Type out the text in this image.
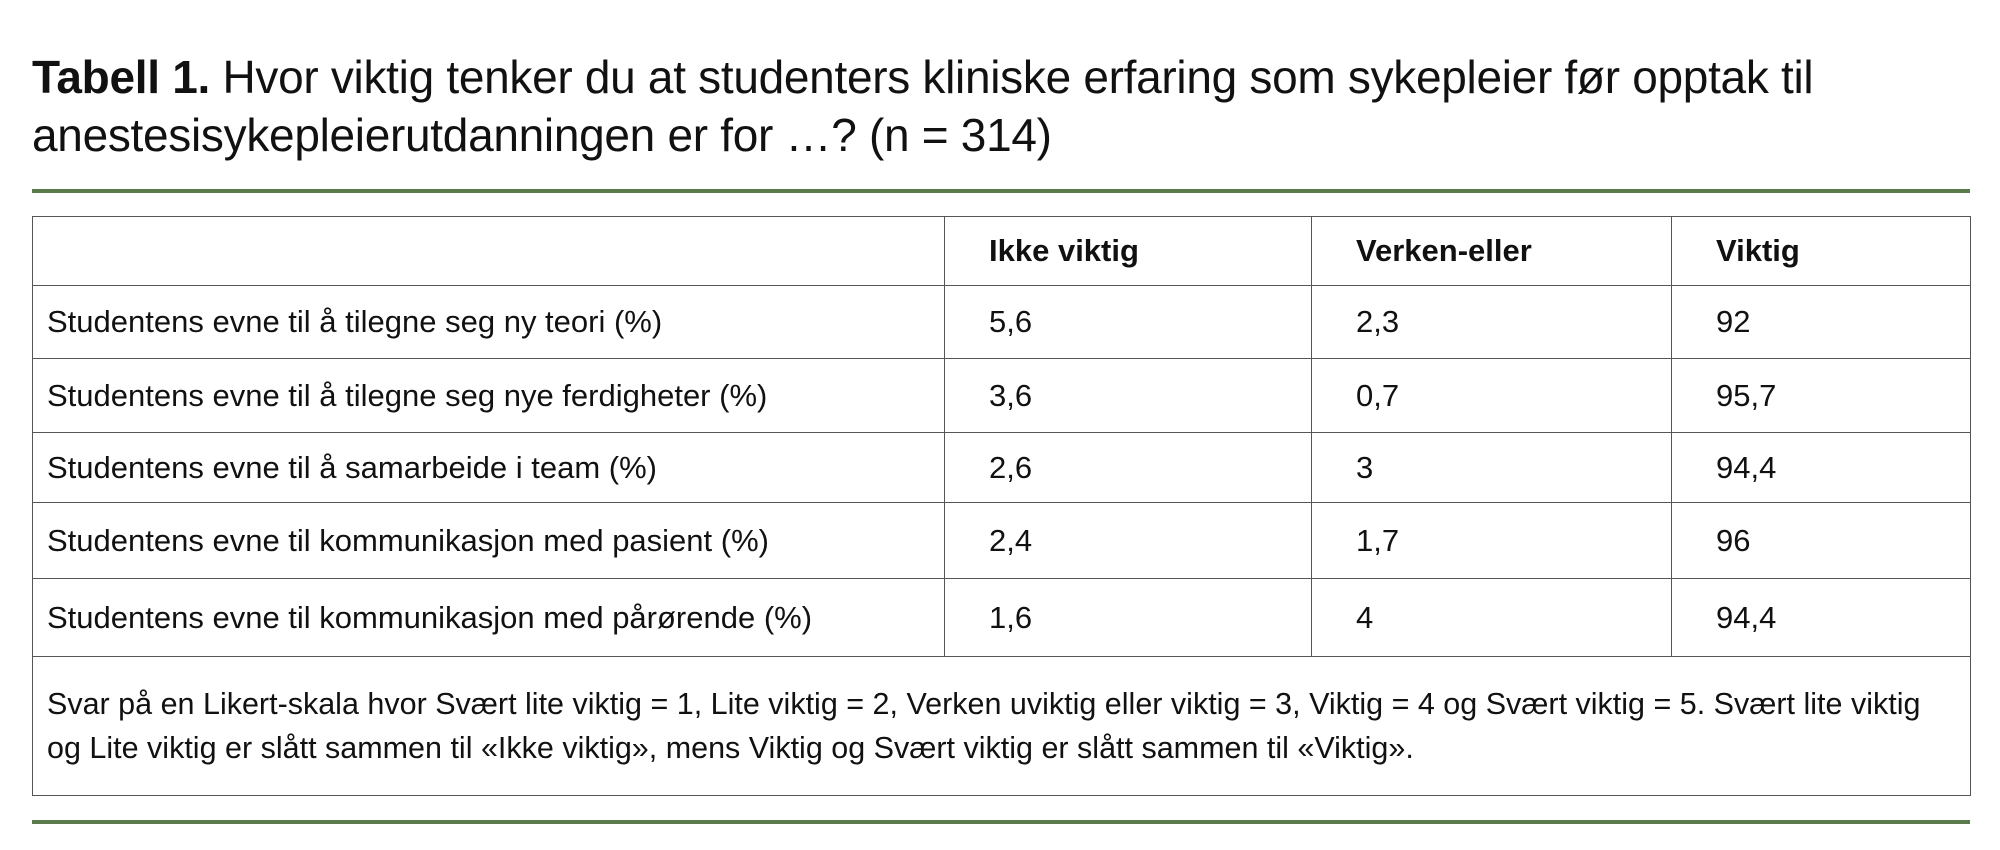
Tabell 1. Hvor viktig tenker du at studenters kliniske erfaring som sykepleier før opptak til anestesisykepleierutdanningen er for …? (n = 314)
	Ikke viktig	Verken-eller	Viktig
Studentens evne til å tilegne seg ny teori (%)	5,6	2,3	92
Studentens evne til å tilegne seg nye ferdigheter (%)	3,6	0,7	95,7
Studentens evne til å samarbeide i team (%)	2,6	3	94,4
Studentens evne til kommunikasjon med pasient (%)	2,4	1,7	96
Studentens evne til kommunikasjon med pårørende (%)	1,6	4	94,4
Svar på en Likert-skala hvor Svært lite viktig = 1, Lite viktig = 2, Verken uviktig eller viktig = 3, Viktig = 4 og Svært viktig = 5. Svært lite viktig og Lite viktig er slått sammen til «Ikke viktig», mens Viktig og Svært viktig er slått sammen til «Viktig».			
